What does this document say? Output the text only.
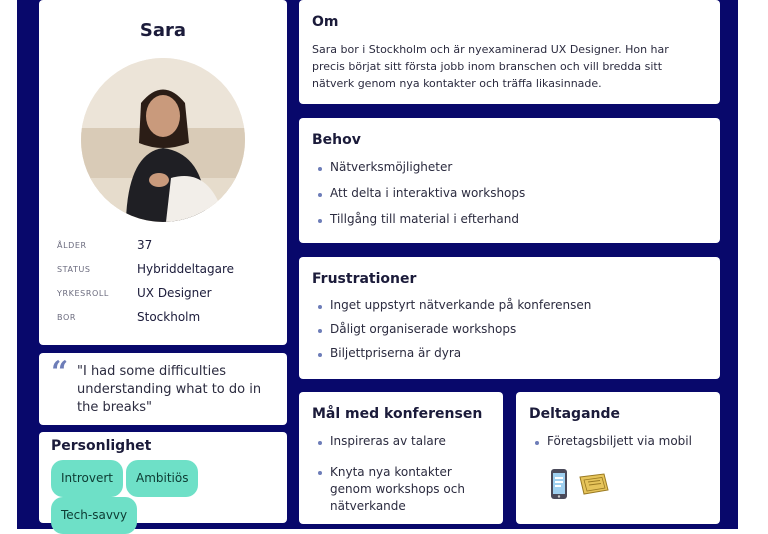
Sara
ÅLDER	37
STATUS	Hybriddeltagare
YRKESROLL UX Designer
BOR	Stockholm
“ "I had some difficulties understanding what to do in the breaks"
Personlighet
Introvert Ambitiös
Tech-savvy
Om
Sara bor i Stockholm och är nyexaminerad UX Designer. Hon har precis börjat sitt första jobb inom branschen och vill bredda sitt nätverk genom nya kontakter och träffa likasinnade.
Behov
Nätverksmöjligheter
Att delta i interaktiva workshops
Tillgång till material i efterhand
Frustrationer
Inget uppstyrt nätverkande på konferensen
Dåligt organiserade workshops
Biljettpriserna är dyra
Mål med konferensen
Inspireras av talare
Knyta nya kontakter genom workshops och nätverkande
Deltagande
Företagsbiljett via mobil
